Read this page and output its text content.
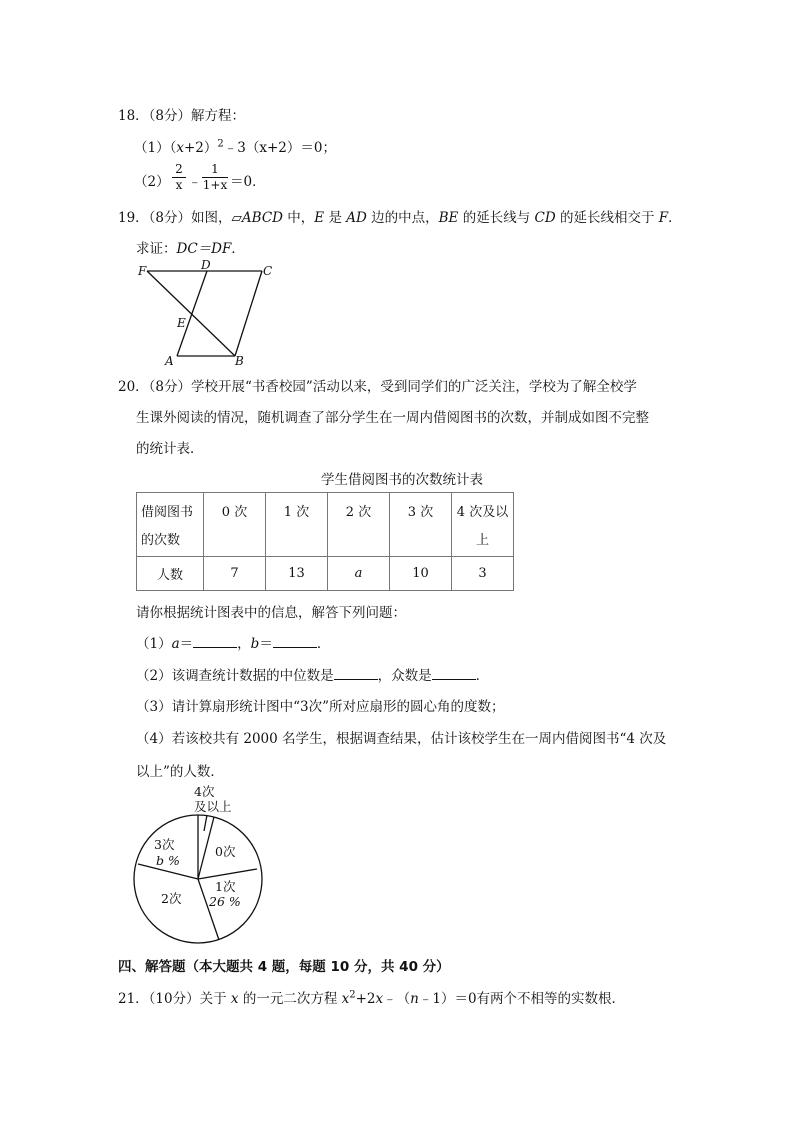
18．（8分）解方程：
$(1)(x+2)^2﹣3(x+2)=0$；
$(2) \frac{2}{x}$ ﹣ $\frac{1}{1+x} =0$．
19．（8分）如图，▱ABCD 中，E 是 AD 边的中点，BE 的延长线与 CD 的延长线相交于 F．
求证：DC＝DF．
F	D	C
E
A	B
20．（8分）学校开展“书香校园”活动以来，受到同学们的广泛关注，学校为了解全校学
生课外阅读的情况，随机调查了部分学生在一周内借阅图书的次数，并制成如图不完整
的统计表．
学生借阅图书的次数统计表
借阅图书
的次数	0 次	1 次	2 次	3 次	4 次及以
上
人数	7	13	a	10	3
请你根据统计图表中的信息，解答下列问题：
（1）a＝	，b＝	．
（2）该调查统计数据的中位数是	，众数是	．
（3）请计算扇形统计图中“3次”所对应扇形的圆心角的度数；
（4）若该校共有 2000 名学生，根据调查结果，估计该校学生在一周内借阅图书“4 次及
以上”的人数．
4次
及以上
3次
b %
0次
2次
1次
26 %
四、解答题（本大题共 4 题，每题 10 分，共 40 分）
21．（10分）关于 x 的一元二次方程 $x^2+2x﹣(n﹣1)=0$有两个不相等的实数根．
